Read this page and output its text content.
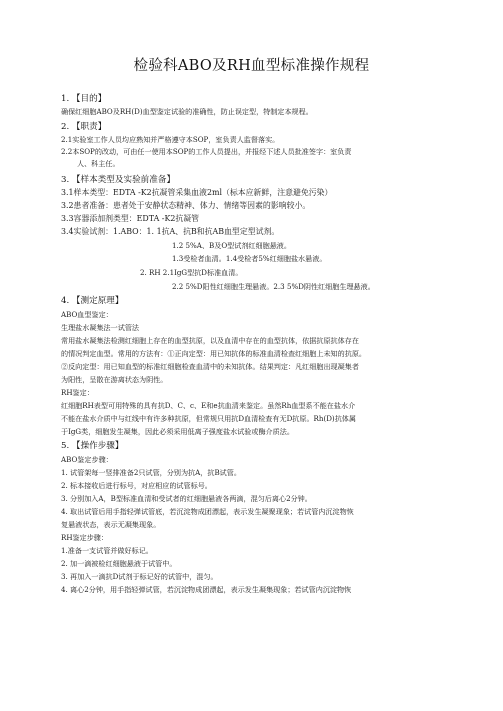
检验科ABO及RH血型标准操作规程
1. 【目的】
确保红细胞ABO及RH(D)血型鉴定试验的准确性，防止误定型，特制定本规程。
2. 【职责】
2.1实验室工作人员均应熟知并严格遵守本SOP，室负责人监督落实。
2.2本SOP的改动，可由任一使用本SOP的工作人员提出，并报经下述人员批准签字：室负责
人、科主任。
3. 【样本类型及实验前准备】
3.1样本类型：EDTA -K2抗凝管采集血液2ml（标本应新鲜，注意避免污染）
3.2患者准备：患者处于安静状态精神、体力、情绪等因素的影响较小。
3.3容器添加剂类型：EDTA -K2抗凝管
3.4实验试剂：1.ABO：1. 1抗A、抗B和抗AB血型定型试剂。
1.2 5%A、B及O型试剂红细胞悬液。
1.3受检者血清。1.4受检者5%红细胞盐水悬液。
2. RH 2.1IgG型抗D标准血清。
2.2 5%D阳性红细胞生理悬液。2.3 5%D阴性红细胞生理悬液。
4. 【测定原理】
ABO血型鉴定：
生理盐水凝集法一试管法
常用盐水凝集法检测红细胞上存在的血型抗原，以及血清中存在的血型抗体，依据抗原抗体存在
的情况判定血型。常用的方法有：①正向定型：用已知抗体的标准血清检查红细胞上未知的抗原。
②反向定型：用已知血型的标准红细胞检查血清中的未知抗体。结果判定：凡红细胞出现凝集者
为阳性，呈散在游离状态为阴性。
RH鉴定：
红细胞RH表型可用特殊的具有抗D、C、c、E和e抗血清来鉴定。虽然Rh血型系不能在盐水介
不能在盐水介质中与红线中有许多种抗原，但常规只用抗D血清检查有无D抗原。Rh(D)抗体属
于IgG类，细胞发生凝集，因此必须采用低离子强度盐水试验或酶介质法。
5. 【操作步骤】
ABO鉴定步骤：
1. 试管架每一竖排准备2只试管，分别为抗A，抗B试管。
2. 标本接收后进行标号，对应相应的试管标号。
3. 分别加入A，B型标准血清和受试者的红细胞悬液各两滴，混匀后离心2分钟。
4. 取出试管后用手指轻弹试管底，若沉淀物成团漂起，表示发生凝聚现象；若试管内沉淀物恢
复悬液状态，表示无凝集现象。
RH鉴定步骤：
1.准备一支试管并做好标记。
2. 加一滴被检红细胞悬液于试管中。
3. 再加入一滴抗D试剂于标记好的试管中，混匀。
4. 离心2分钟，用手指轻弹试管，若沉淀物成团漂起，表示发生凝集现象；若试管内沉淀物恢
